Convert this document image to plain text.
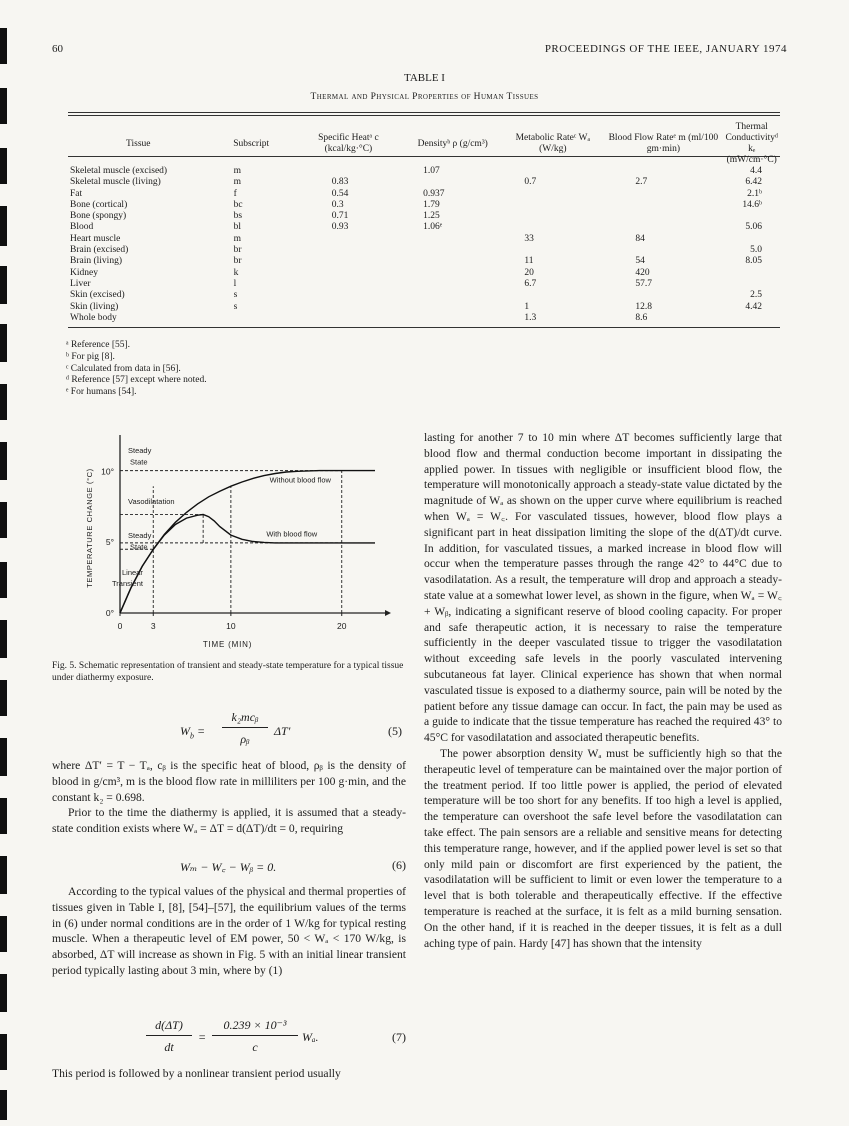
60	PROCEEDINGS OF THE IEEE, JANUARY 1974
TABLE I
Thermal and Physical Properties of Human Tissues
Tissue	Subscript	Specific Heatᵃ c (kcal/kg·°C)	Densityᵇ ρ (g/cm³)	Metabolic Rateᶜ Wₐ (W/kg)	Blood Flow Rateᵉ m (ml/100 gm·min)	Thermal Conductivityᵈ kₑ (mW/cm·°C)
Skeletal muscle (excised)	m		1.07			4.4
Skeletal muscle (living)	m	0.83		0.7	2.7	6.42
Fat	f	0.54	0.937			2.1ᵇ
Bone (cortical)	bc	0.3	1.79			14.6ᵇ
Bone (spongy)	bs	0.71	1.25			
Blood	bl	0.93	1.06ᵉ			5.06
Heart muscle	m			33	84	
Brain (excised)	br					5.0
Brain (living)	br			11	54	8.05
Kidney	k			20	420	
Liver	l			6.7	57.7	
Skin (excised)	s					2.5
Skin (living)	s			1	12.8	4.42
Whole body				1.3	8.6	
ᵃ Reference [55].
ᵇ For pig [8].
ᶜ Calculated from data in [56].
ᵈ Reference [57] except where noted.
ᵉ For humans [54].
0	3	10	20
0°
5°
10°
TIME (MIN)
TEMPERATURE CHANGE (°C)
Steady
State
Without blood flow
Vasodilatation
With blood flow
Steady
State
Linear
Transient
Fig. 5. Schematic representation of transient and steady-state temperature for a typical tissue under diathermy exposure.

lasting for another 7 to 10 min where ΔT becomes sufficiently large that blood flow and thermal conduction become important in dissipating the applied power. In tissues with negligible or insufficient blood flow, the temperature will monotonically approach a steady-state value dictated by the magnitude of Wₐ as shown on the upper curve where equilibrium is reached when Wₐ = W꜀. For vasculated tissues, however, blood flow plays a significant part in heat dissipation limiting the slope of the d(ΔT)/dt curve. In addition, for vasculated tissues, a marked increase in blood flow will occur when the temperature passes through the range 42° to 44°C due to vasodilatation. As a result, the temperature will drop and approach a steady-state value at a somewhat lower level, as shown in the figure, when Wₐ = W꜀ + Wᵦ, indicating a significant reserve of blood cooling capacity. For proper and safe therapeutic action, it is necessary to raise the temperature sufficiently in the deeper vasculated tissue to trigger the vasodilatation without exceeding safe levels in the poorly vasculated intervening subcutaneous fat layer. Clinical experience has shown that when normal vasculated tissue is exposed to a diathermy source, pain will be noted by the patient before any tissue damage can occur. In fact, the pain may be used as a guide to indicate that the tissue temperature has reached the required 43° to 45°C for vasodilatation and associated therapeutic benefits.

The power absorption density Wₐ must be sufficiently high so that the therapeutic level of temperature can be maintained over the major portion of the treatment period. If too little power is applied, the period of elevated temperature will be too short for any benefits. If too high a level is applied, the temperature can overshoot the safe level before the vasodilatation can take effect. The pain sensors are a reliable and sensitive means for detecting this temperature range, however, and if the applied power level is set so that only mild pain or discomfort are first experienced by the patient, the vasodilatation will be sufficient to limit or even lower the temperature to a level that is both tolerable and therapeutically effective. If the effective temperature is reached at the surface, it is felt as a mild burning sensation. On the other hand, if it is reached in the deeper tissues, it is felt as a dull aching type of pain. Hardy [47] has shown that the intensity

$W_b$ =
k₂mcᵦ
ρᵦ
ΔT′	(5)

where ΔT′ = T − Tₐ, cᵦ is the specific heat of blood, ρᵦ is the density of blood in g/cm³, m is the blood flow rate in milliliters per 100 g·min, and the constant k₂ = 0.698.

Prior to the time the diathermy is applied, it is assumed that a steady-state condition exists where Wₐ = ΔT = d(ΔT)/dt = 0, requiring

Wₘ − W꜀ − Wᵦ = 0.	(6)

According to the typical values of the physical and thermal properties of tissues given in Table I, [8], [54]–[57], the equilibrium values of the terms in (6) under normal conditions are in the order of 1 W/kg for typical resting muscle. When a therapeutic level of EM power, 50 < Wₐ < 170 W/kg, is absorbed, ΔT will increase as shown in Fig. 5 with an initial linear transient period typically lasting about 3 min, where by (1)

d(ΔT)
dt
=
0.239 × 10⁻³
c
Wₐ.	(7)

This period is followed by a nonlinear transient period usually
